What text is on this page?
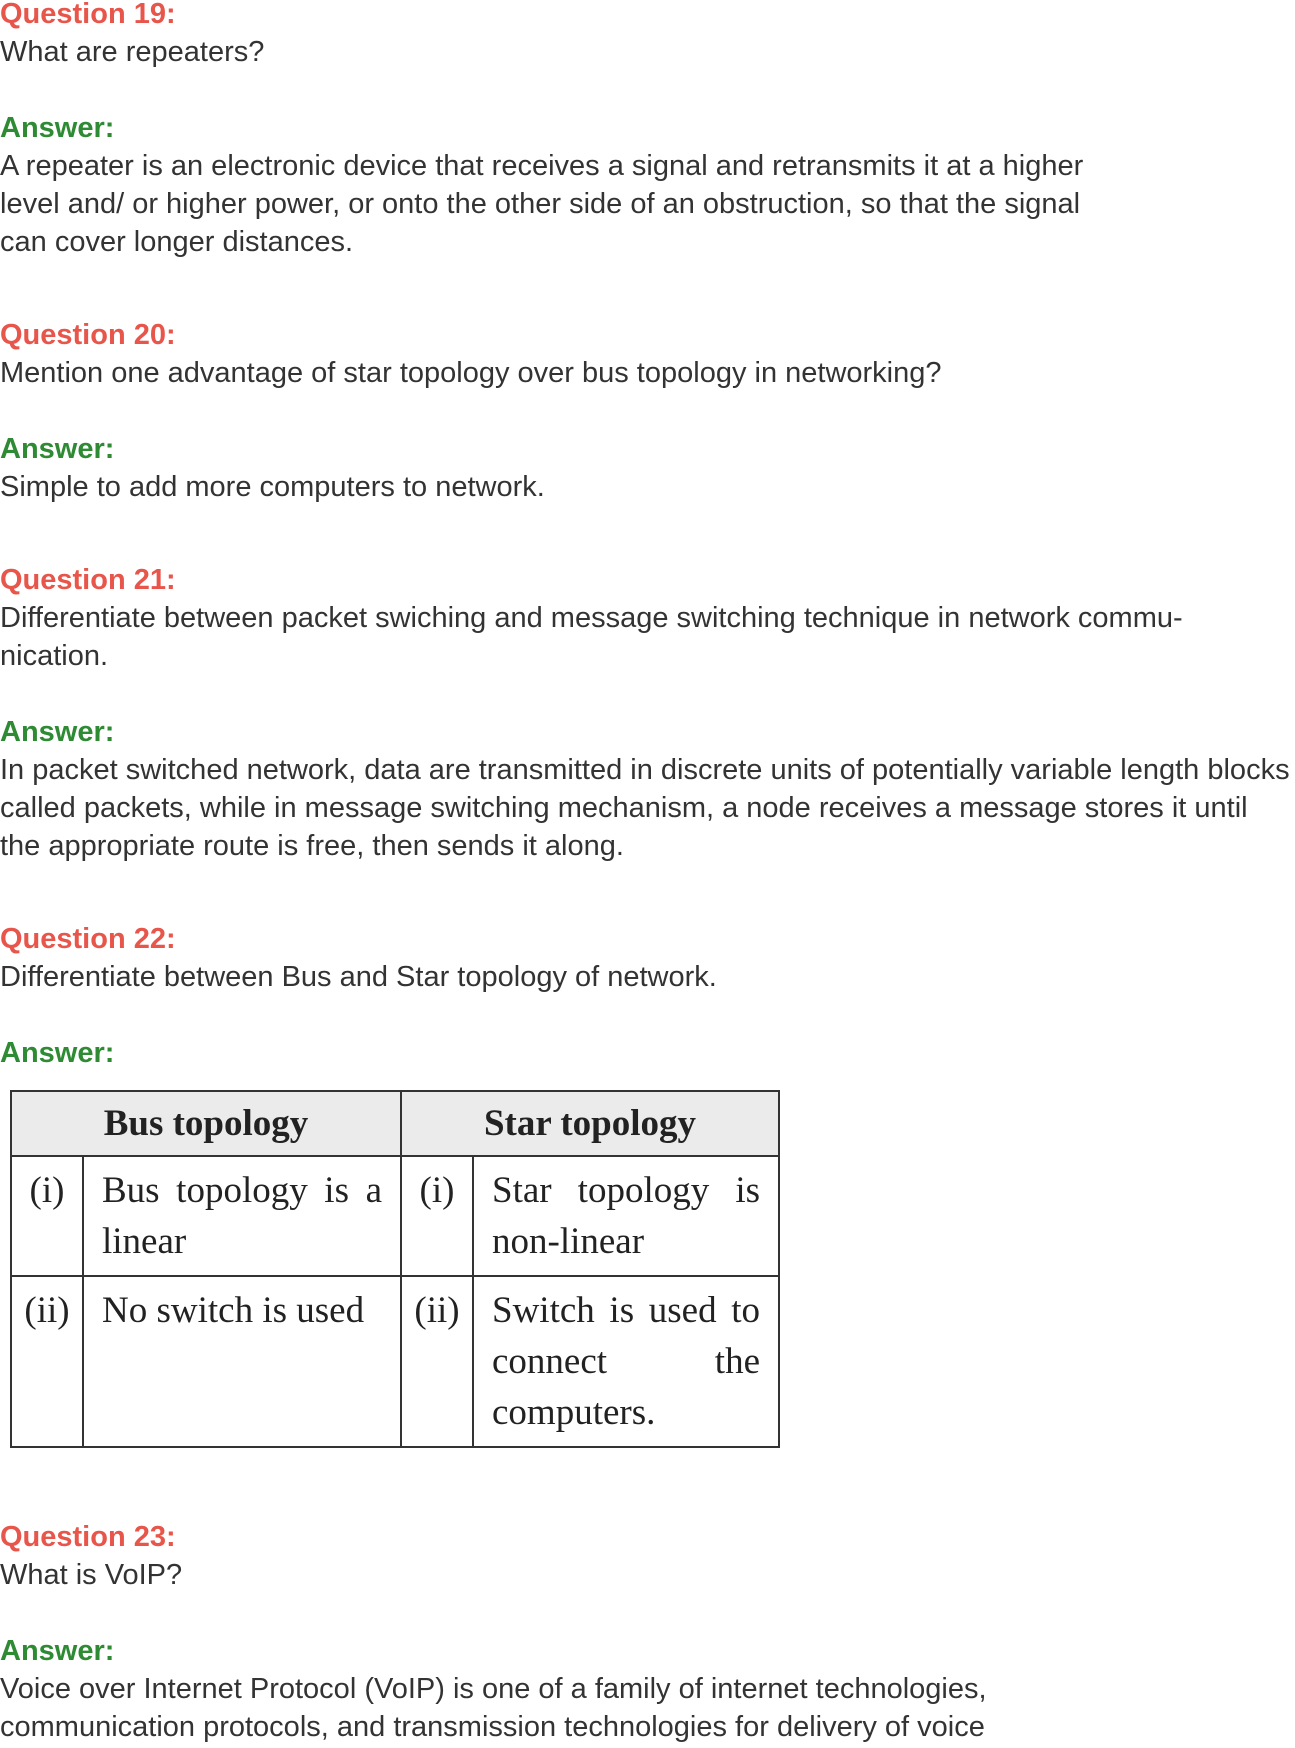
Question 19:
What are repeaters?
Answer:
A repeater is an electronic device that receives a signal and retransmits it at a higher level and/ or higher power, or onto the other side of an obstruction, so that the signal can cover longer distances.
Question 20:
Mention one advantage of star topology over bus topology in networking?
Answer:
Simple to add more computers to network.
Question 21:
Differentiate between packet swiching and message switching technique in network commu-nication.
Answer:
In packet switched network, data are transmitted in discrete units of potentially variable length blocks called packets, while in message switching mechanism, a node receives a message stores it until the appropriate route is free, then sends it along.
Question 22:
Differentiate between Bus and Star topology of network.
Answer:
Bus topology		Star topology	
(i)	Bus topology is a linear	(i)	Star topology is non-linear
(ii)	No switch is used	(ii)	Switch is used to connect the computers.
Question 23:
What is VoIP?
Answer:
Voice over Internet Protocol (VoIP) is one of a family of internet technologies, communication protocols, and transmission technologies for delivery of voice
